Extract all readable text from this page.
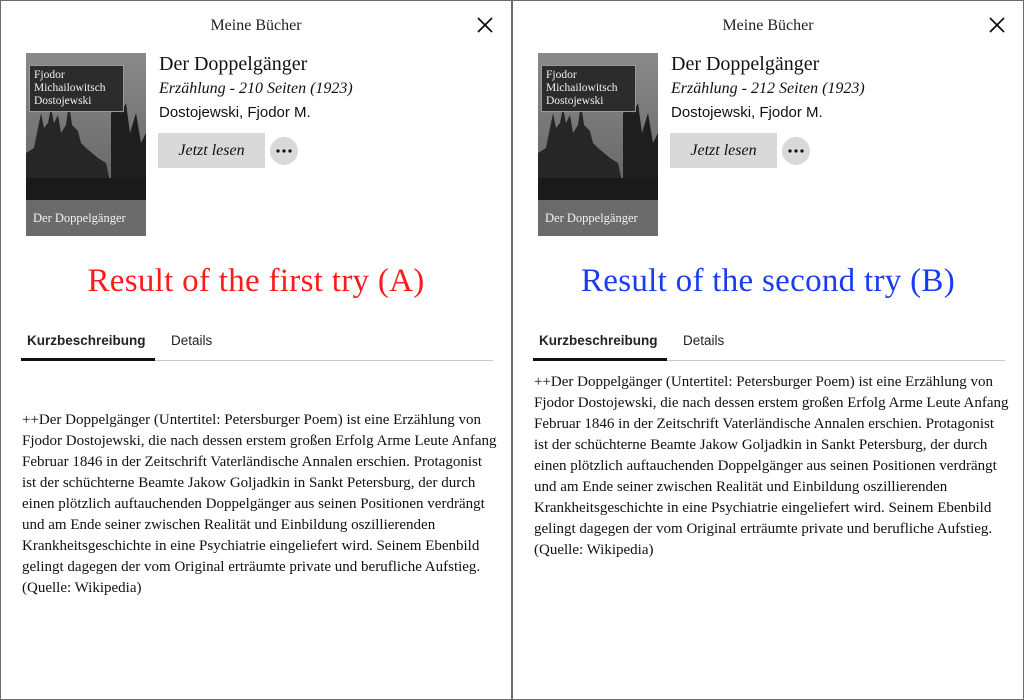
Meine Bücher
Fjodor Michailowitsch Dostojewski
Der Doppelgänger
Der Doppelgänger
Erzählung - 210 Seiten (1923)
Dostojewski, Fjodor M.
Jetzt lesen
Result of the first try (A)
Kurzbeschreibung	Details
++Der Doppelgänger (Untertitel: Petersburger Poem) ist eine Erzählung von Fjodor Dostojewski, die nach dessen erstem großen Erfolg Arme Leute Anfang Februar 1846 in der Zeitschrift Vaterländische Annalen erschien. Protagonist ist der schüchterne Beamte Jakow Goljadkin in Sankt Petersburg, der durch einen plötzlich auftauchenden Doppelgänger aus seinen Positionen verdrängt und am Ende seiner zwischen Realität und Einbildung oszillierenden Krankheitsgeschichte in eine Psychiatrie eingeliefert wird. Seinem Ebenbild gelingt dagegen der vom Original erträumte private und berufliche Aufstieg. (Quelle: Wikipedia)
Meine Bücher
Fjodor Michailowitsch Dostojewski
Der Doppelgänger
Der Doppelgänger
Erzählung - 212 Seiten (1923)
Dostojewski, Fjodor M.
Jetzt lesen
Result of the second try (B)
Kurzbeschreibung	Details
++Der Doppelgänger (Untertitel: Petersburger Poem) ist eine Erzählung von Fjodor Dostojewski, die nach dessen erstem großen Erfolg Arme Leute Anfang Februar 1846 in der Zeitschrift Vaterländische Annalen erschien. Protagonist ist der schüchterne Beamte Jakow Goljadkin in Sankt Petersburg, der durch einen plötzlich auftauchenden Doppelgänger aus seinen Positionen verdrängt und am Ende seiner zwischen Realität und Einbildung oszillierenden Krankheitsgeschichte in eine Psychiatrie eingeliefert wird. Seinem Ebenbild gelingt dagegen der vom Original erträumte private und berufliche Aufstieg. (Quelle: Wikipedia)
